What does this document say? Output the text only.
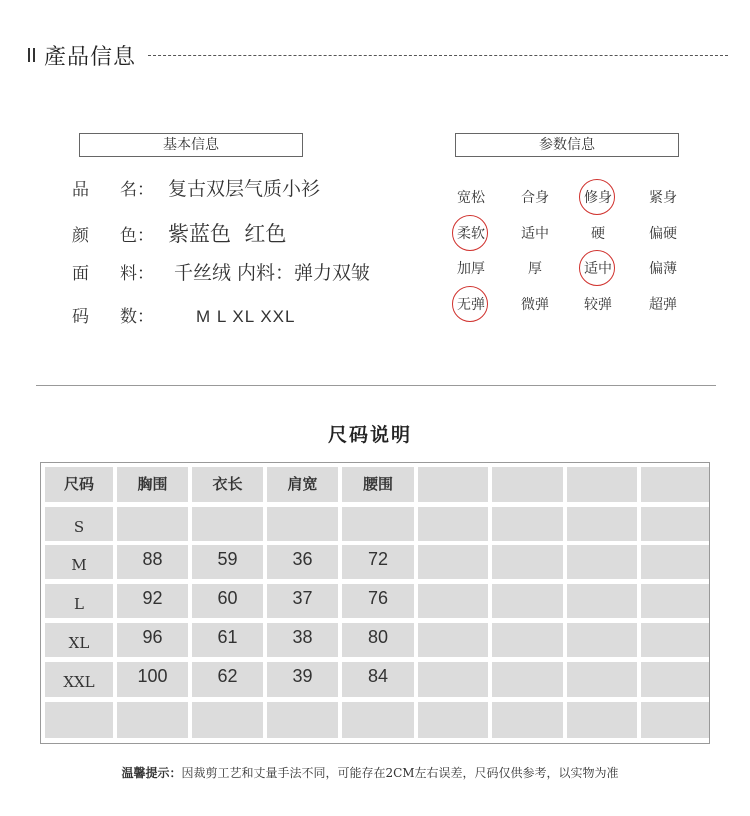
產品信息
基本信息
品 名： 复古双层气质小衫
颜 色： 紫蓝色  红色
面 料： 千丝绒 内料：弹力双皱
码 数： M L XL XXL
参数信息
宽松	合身	修身	紧身
柔软	适中	硬	偏硬
加厚	厚	适中	偏薄
无弹	微弹	较弹	超弹
尺码说明
尺码	胸围	衣长	肩宽	腰围
S
M	88	59	36	72
L	92	60	37	76
XL	96	61	38	80
XXL	100	62	39	84
温馨提示：因裁剪工艺和丈量手法不同，可能存在2CM左右误差，尺码仅供参考，以实物为准
